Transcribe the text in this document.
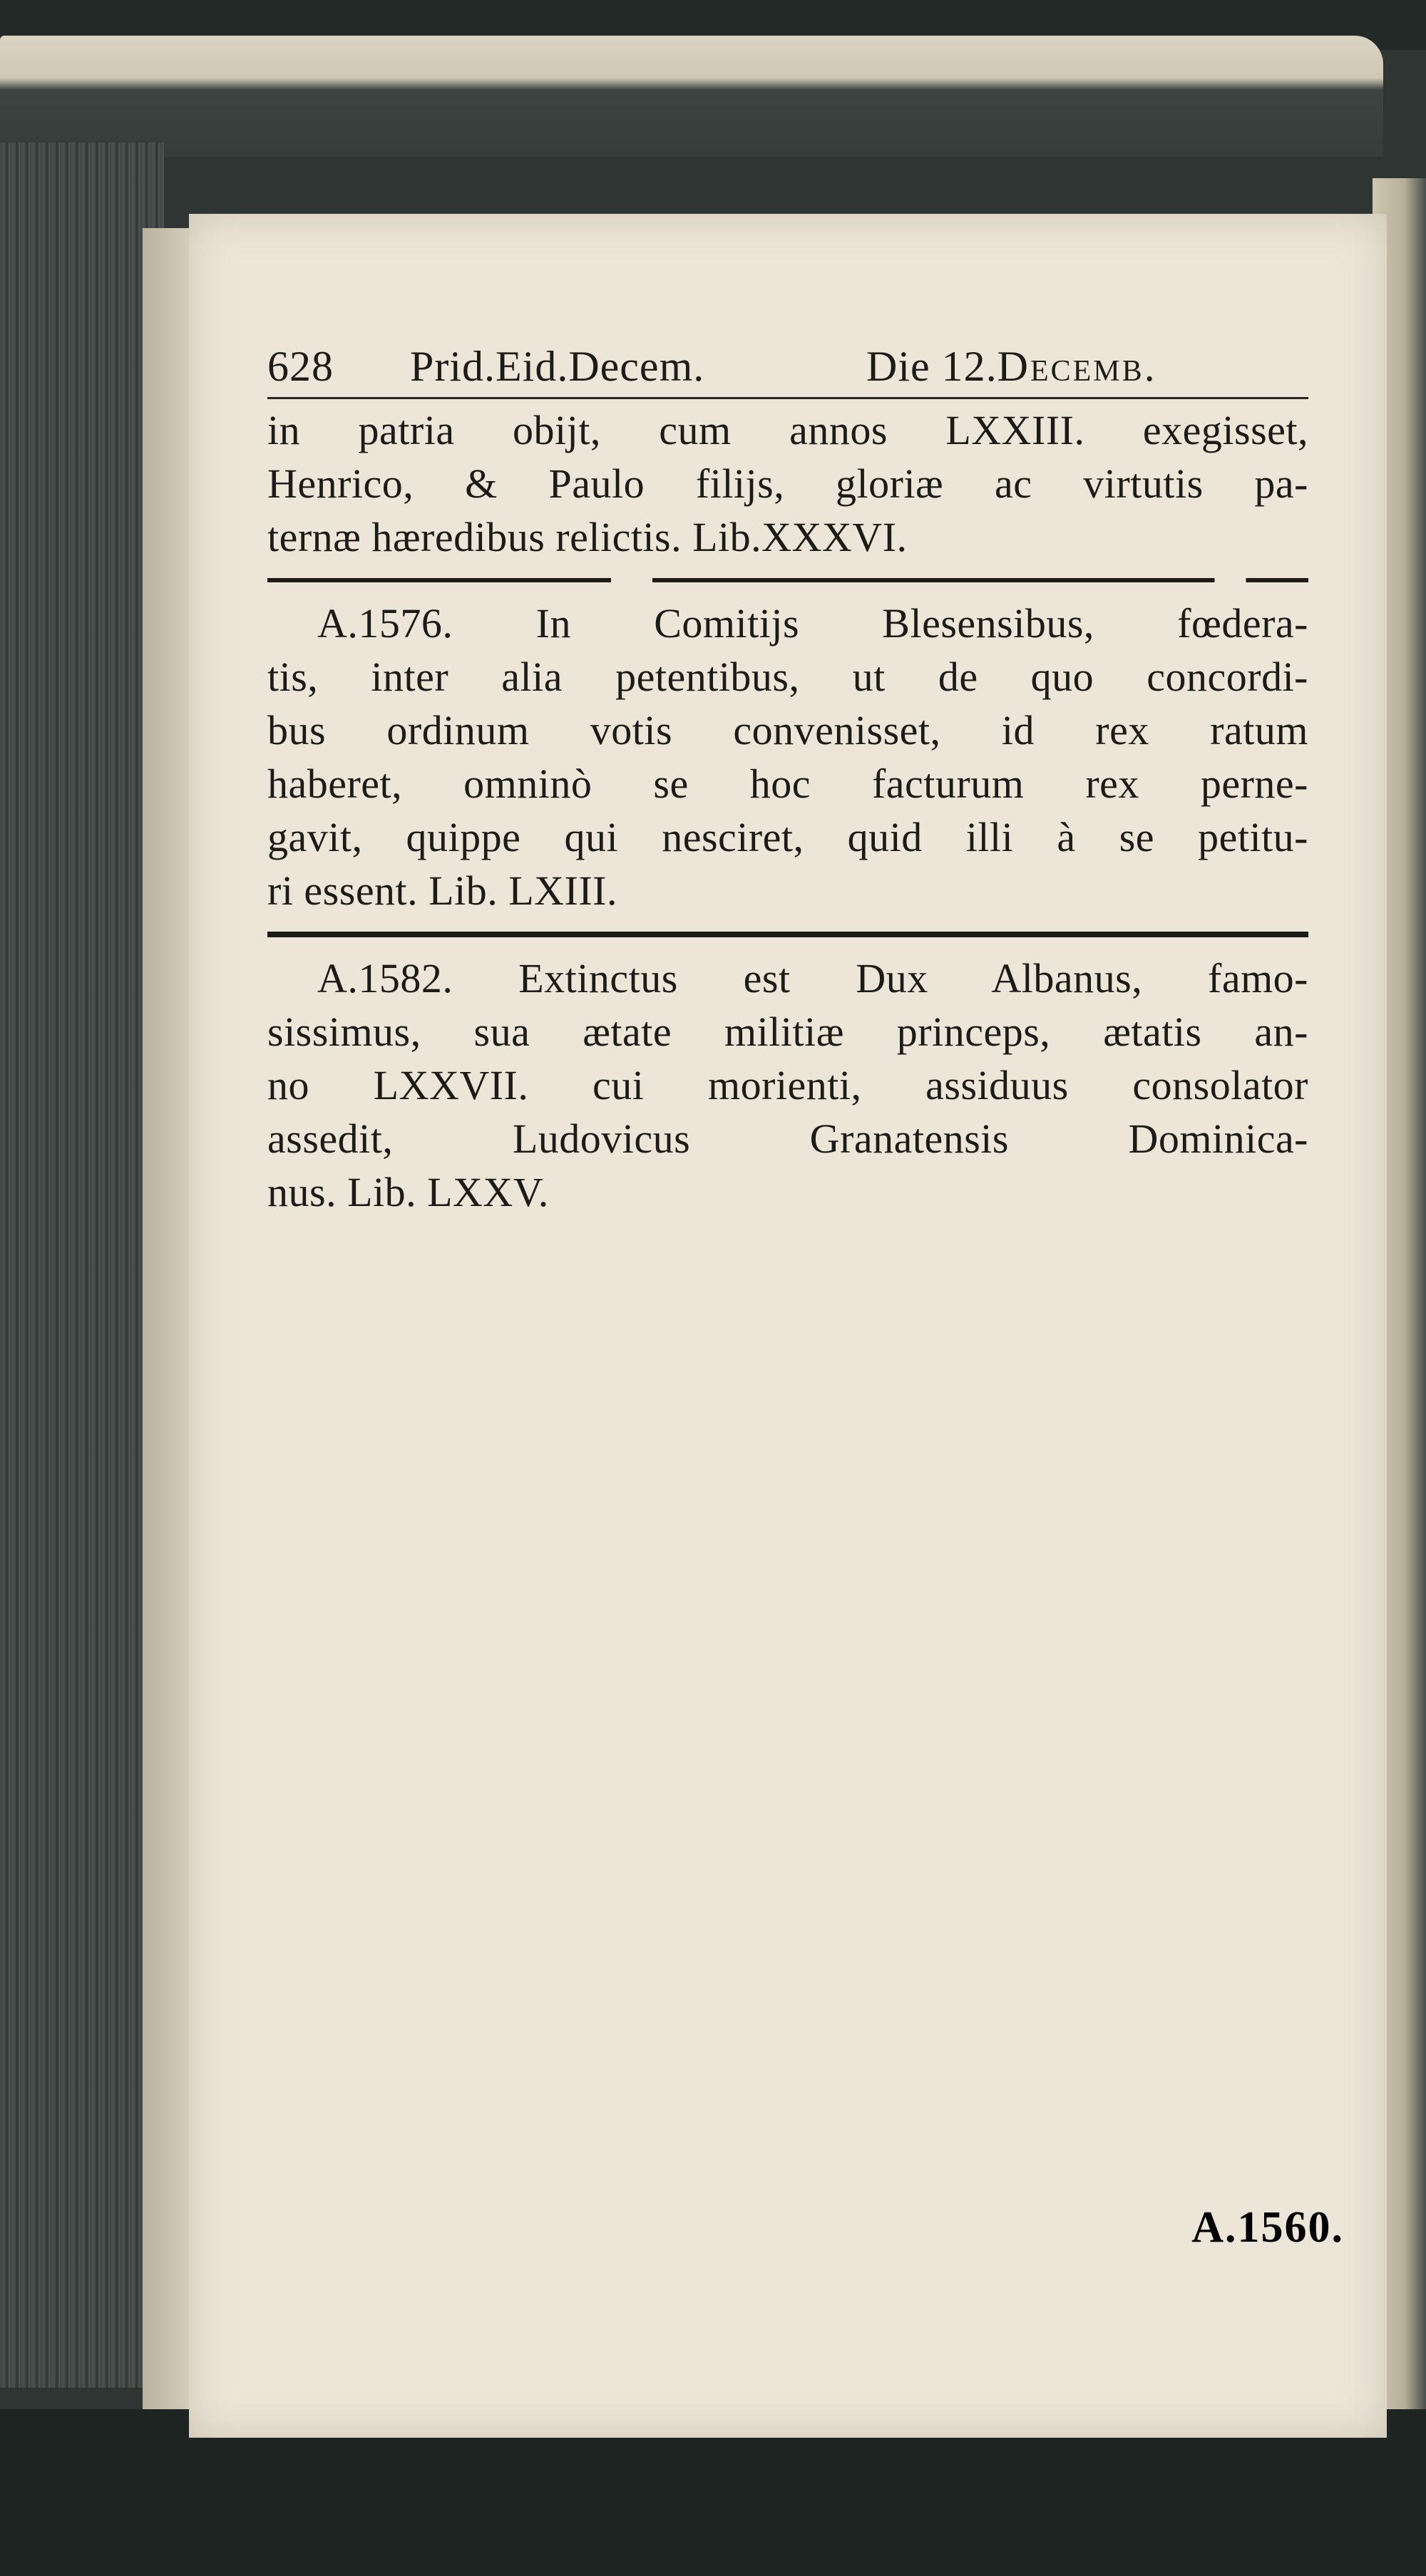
628	Prid.Eid.Decem.	Die 12.Decemb.
in patria obijt, cum annos LXXIII. exegisset,
Henrico, & Paulo filijs, gloriæ ac virtutis pa-
ternæ hæredibus relictis. Lib.XXXVI.
A.1576. In Comitijs Blesensibus, fœdera-
tis, inter alia petentibus, ut de quo concordi-
bus ordinum votis convenisset, id rex ratum
haberet, omninò se hoc facturum rex perne-
gavit, quippe qui nesciret, quid illi à se petitu-
ri essent. Lib. LXIII.
A.1582. Extinctus est Dux Albanus, famo-
sissimus, sua ætate militiæ princeps, ætatis an-
no LXXVII. cui morienti, assiduus consolator
assedit, Ludovicus Granatensis Dominica-
nus. Lib. LXXV.
A.1560.
